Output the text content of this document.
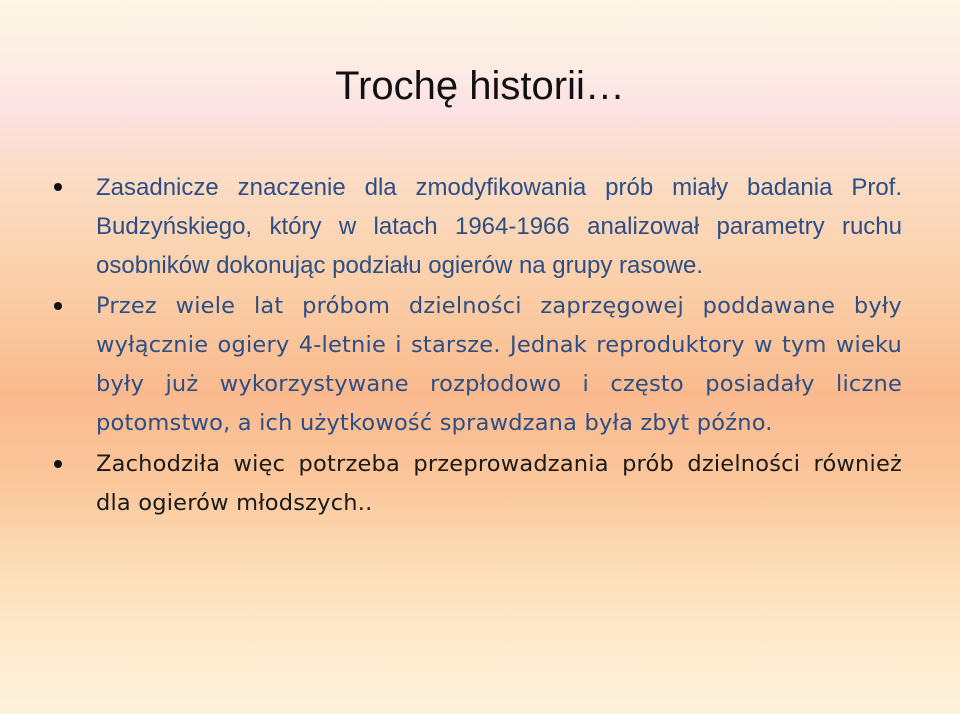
Trochę historii…
Zasadnicze znaczenie dla zmodyfikowania prób miały badania Prof. Budzyńskiego, który w latach 1964-1966 analizował parametry ruchu osobników dokonując podziału ogierów na grupy rasowe.
Przez wiele lat próbom dzielności zaprzęgowej poddawane były wyłącznie ogiery 4-letnie i starsze. Jednak reproduktory w tym wieku były już wykorzystywane rozpłodowo i często posiadały liczne potomstwo, a ich użytkowość sprawdzana była zbyt późno.
Zachodziła więc potrzeba przeprowadzania prób dzielności również dla ogierów młodszych..
